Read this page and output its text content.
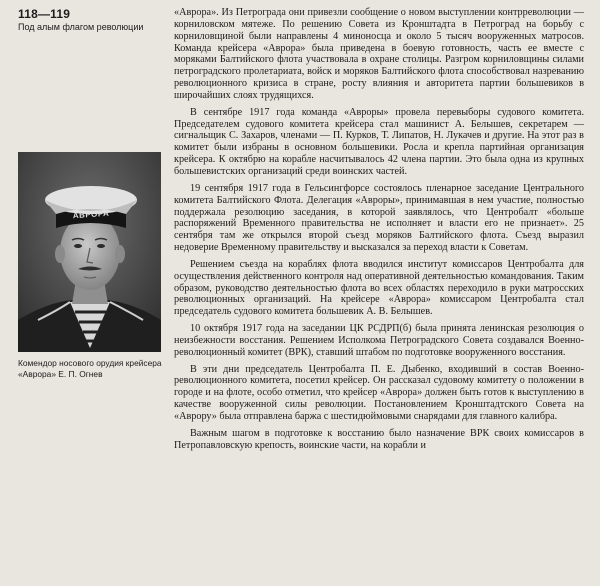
118—119
Под алым флагом революции
АВРОРА
Комендор носового орудия крейсера «Аврора» Е. П. Огнев

«Аврора». Из Петрограда они привезли сообщение о новом выступлении контрреволюции — корниловском мятеже. По решению Совета из Кронштадта в Петроград на борьбу с корниловщиной были направлены 4 миноносца и около 5 тысяч вооруженных матросов. Команда крейсера «Аврора» была приведена в боевую готовность, часть ее вместе с моряками Балтийского флота участвовала в охране столицы. Разгром корниловщины силами петроградского пролетариата, войск и моряков Балтийского флота способствовал назреванию революционного кризиса в стране, росту влияния и авторитета партии большевиков в широчайших слоях трудящихся.

В сентябре 1917 года команда «Авроры» провела перевыборы судового комитета. Председателем судового комитета крейсера стал машинист А. Белышев, секретарем — сигнальщик С. Захаров, членами — П. Курков, Т. Липатов, Н. Лукачев и другие. На этот раз в комитет были избраны в основном большевики. Росла и крепла партийная организация крейсера. К октябрю на корабле насчитывалось 42 члена партии. Это была одна из крупных большевистских организаций среди воинских частей.

19 сентября 1917 года в Гельсингфорсе состоялось пленарное заседание Центрального комитета Балтийского Флота. Делегация «Авроры», принимавшая в нем участие, полностью поддержала резолюцию заседания, в которой заявлялось, что Центробалт «больше распоряжений Временного правительства не исполняет и власти его не признает». 25 сентября там же открылся второй съезд моряков Балтийского флота. Съезд выразил недоверие Временному правительству и высказался за переход власти к Советам.

Решением съезда на кораблях флота вводился институт комиссаров Центробалта для осуществления действенного контроля над оперативной деятельностью командования. Таким образом, руководство деятельностью флота во всех областях переходило в руки матросских революционных организаций. На крейсере «Аврора» комиссаром Центробалта стал председатель судового комитета большевик А. В. Белышев.

10 октября 1917 года на заседании ЦК РСДРП(б) была принята ленинская резолюция о неизбежности восстания. Решением Исполкома Петроградского Совета создавался Военно-революционный комитет (ВРК), ставший штабом по подготовке вооруженного восстания.

В эти дни председатель Центробалта П. Е. Дыбенко, входивший в состав Военно-революционного комитета, посетил крейсер. Он рассказал судовому комитету о положении в городе и на флоте, особо отметил, что крейсер «Аврора» должен быть готов к выступлению в качестве вооруженной силы революции. Постановлением Кронштадтского Совета на «Аврору» была отправлена баржа с шестидюймовыми снарядами для главного калибра.

Важным шагом в подготовке к восстанию было назначение ВРК своих комиссаров в Петропавловскую крепость, воинские части, на корабли и
